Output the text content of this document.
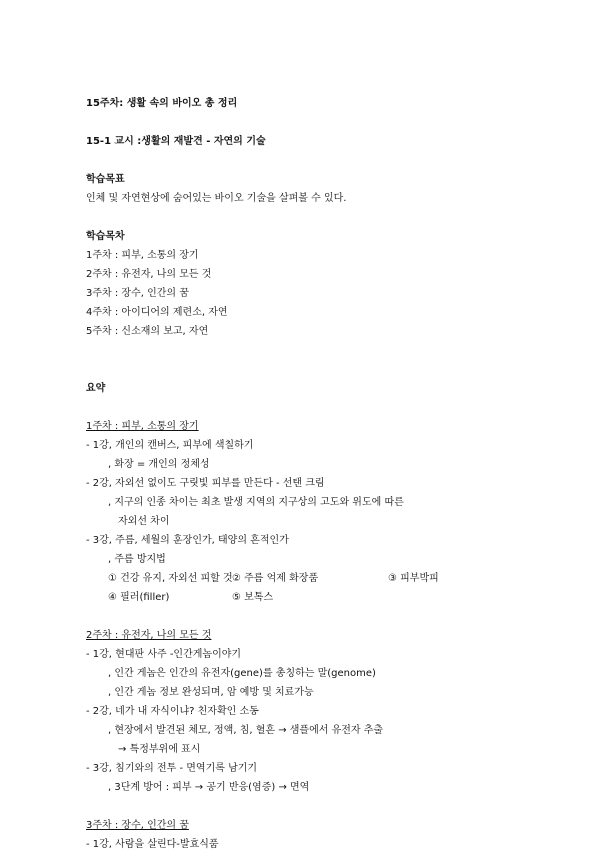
15주차: 생활 속의 바이오 총 정리
15-1 교시 :생활의 재발견 - 자연의 기술
학습목표
인체 및 자연현상에 숨어있는 바이오 기술을 살펴볼 수 있다.
학습목차
1주차 : 피부, 소통의 장기
2주차 : 유전자, 나의 모든 것
3주차 : 장수, 인간의 꿈
4주차 : 아이디어의 제련소, 자연
5주차 : 신소재의 보고, 자연
요약
1주차 : 피부, 소통의 장기
- 1강, 개인의 캔버스, 피부에 색칠하기
, 화장 = 개인의 정체성
- 2강, 자외선 없이도 구릿빛 피부를 만든다 - 선탠 크림
, 지구의 인종 차이는 최초 발생 지역의 지구상의 고도와 위도에 따른
자외선 차이
- 3강, 주름, 세월의 훈장인가, 태양의 흔적인가
, 주름 방지법
① 건강 유지, 자외선 피할 것 ② 주름 억제 화장품	③ 피부박피
④ 필러(filler)	⑤ 보톡스
2주차 : 유전자, 나의 모든 것
- 1강, 현대판 사주 -인간게놈이야기
, 인간 게놈은 인간의 유전자(gene)를 총칭하는 말(genome)
, 인간 게놈 정보 완성되며, 암 예방 및 치료가능
- 2강, 네가 내 자식이냐? 친자확인 소동
, 현장에서 발견된 체모, 정액, 침, 혈흔 → 샘플에서 유전자 추출
→ 특정부위에 표시
- 3강, 침기와의 전투 - 면역기록 남기기
, 3단계 방어 : 피부 → 공기 반응(염증) → 면역
3주차 : 장수, 인간의 꿈
- 1강, 사람을 살린다-발효식품
